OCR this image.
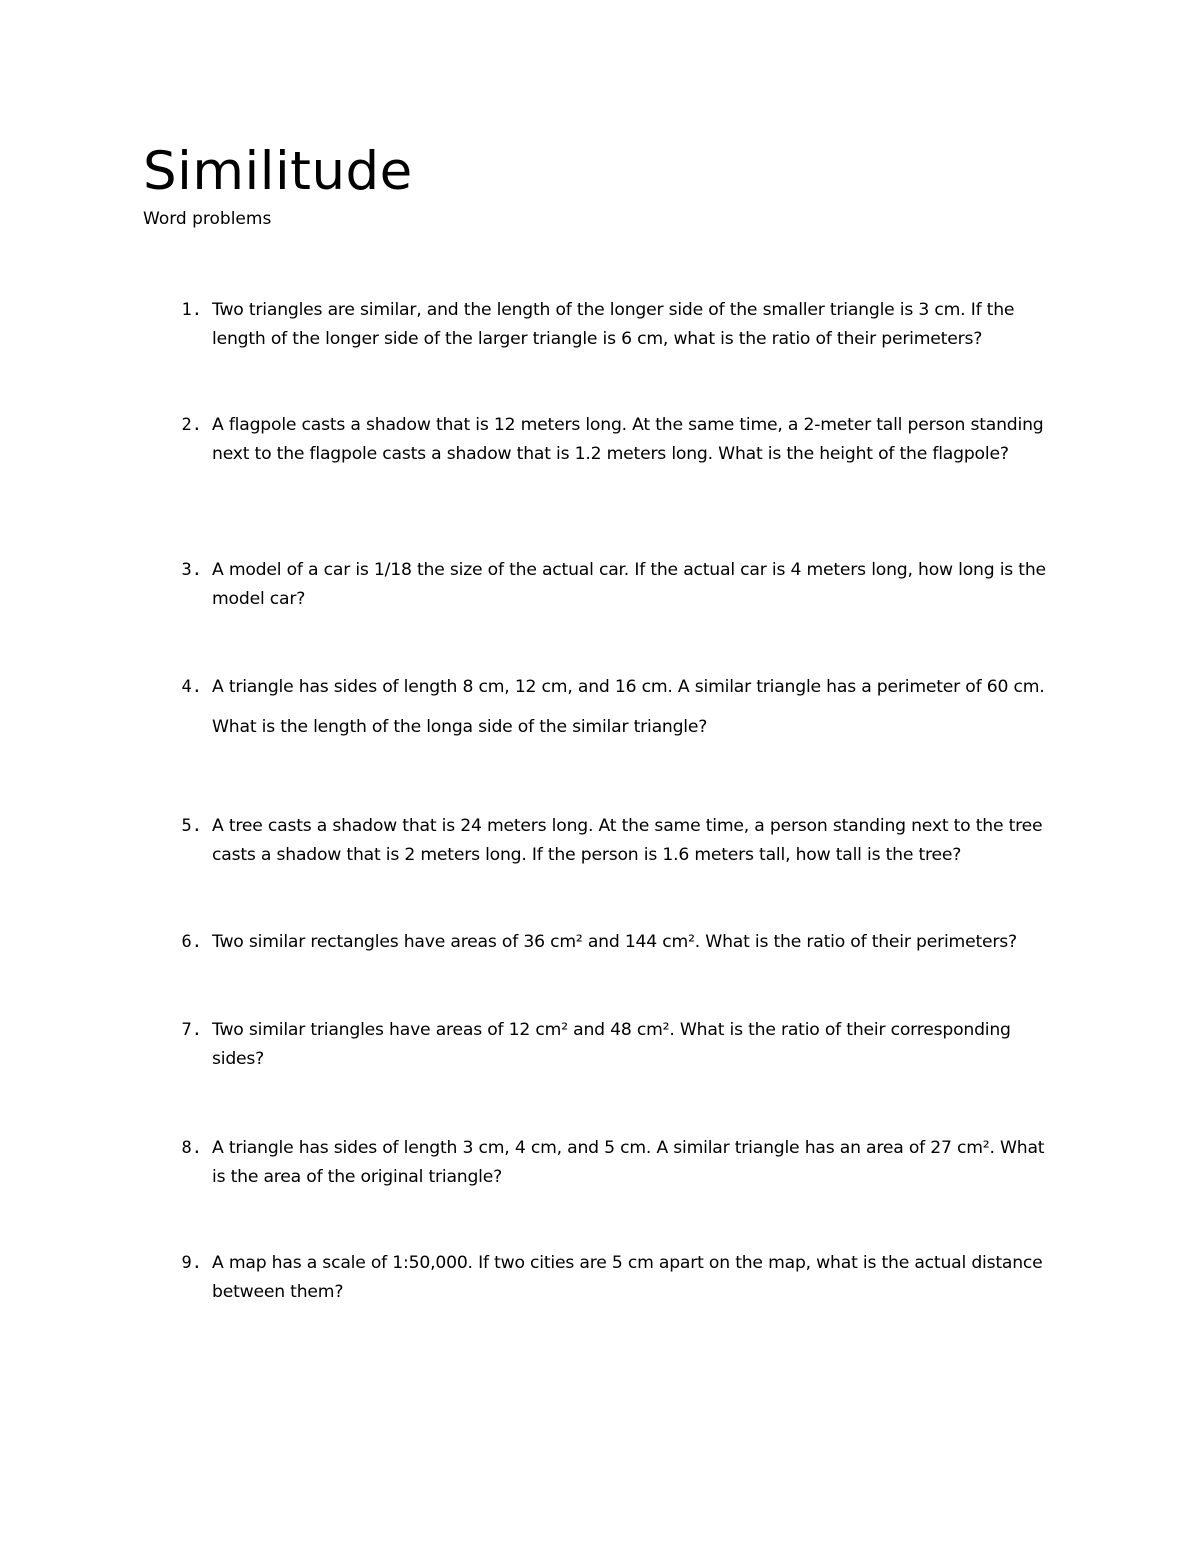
Similitude

Word problems

1. Two triangles are similar, and the length of the longer side of the smaller triangle is 3 cm. If the length of the longer side of the larger triangle is 6 cm, what is the ratio of their perimeters?

2. A flagpole casts a shadow that is 12 meters long. At the same time, a 2-meter tall person standing next to the flagpole casts a shadow that is 1.2 meters long. What is the height of the flagpole?

3. A model of a car is 1/18 the size of the actual car. If the actual car is 4 meters long, how long is the model car?

4. A triangle has sides of length 8 cm, 12 cm, and 16 cm. A similar triangle has a perimeter of 60 cm. What is the length of the longa side of the similar triangle?

5. A tree casts a shadow that is 24 meters long. At the same time, a person standing next to the tree casts a shadow that is 2 meters long. If the person is 1.6 meters tall, how tall is the tree?

6. Two similar rectangles have areas of 36 cm² and 144 cm². What is the ratio of their perimeters?

7. Two similar triangles have areas of 12 cm² and 48 cm². What is the ratio of their corresponding sides?

8. A triangle has sides of length 3 cm, 4 cm, and 5 cm. A similar triangle has an area of 27 cm². What is the area of the original triangle?

9. A map has a scale of 1:50,000. If two cities are 5 cm apart on the map, what is the actual distance between them?
